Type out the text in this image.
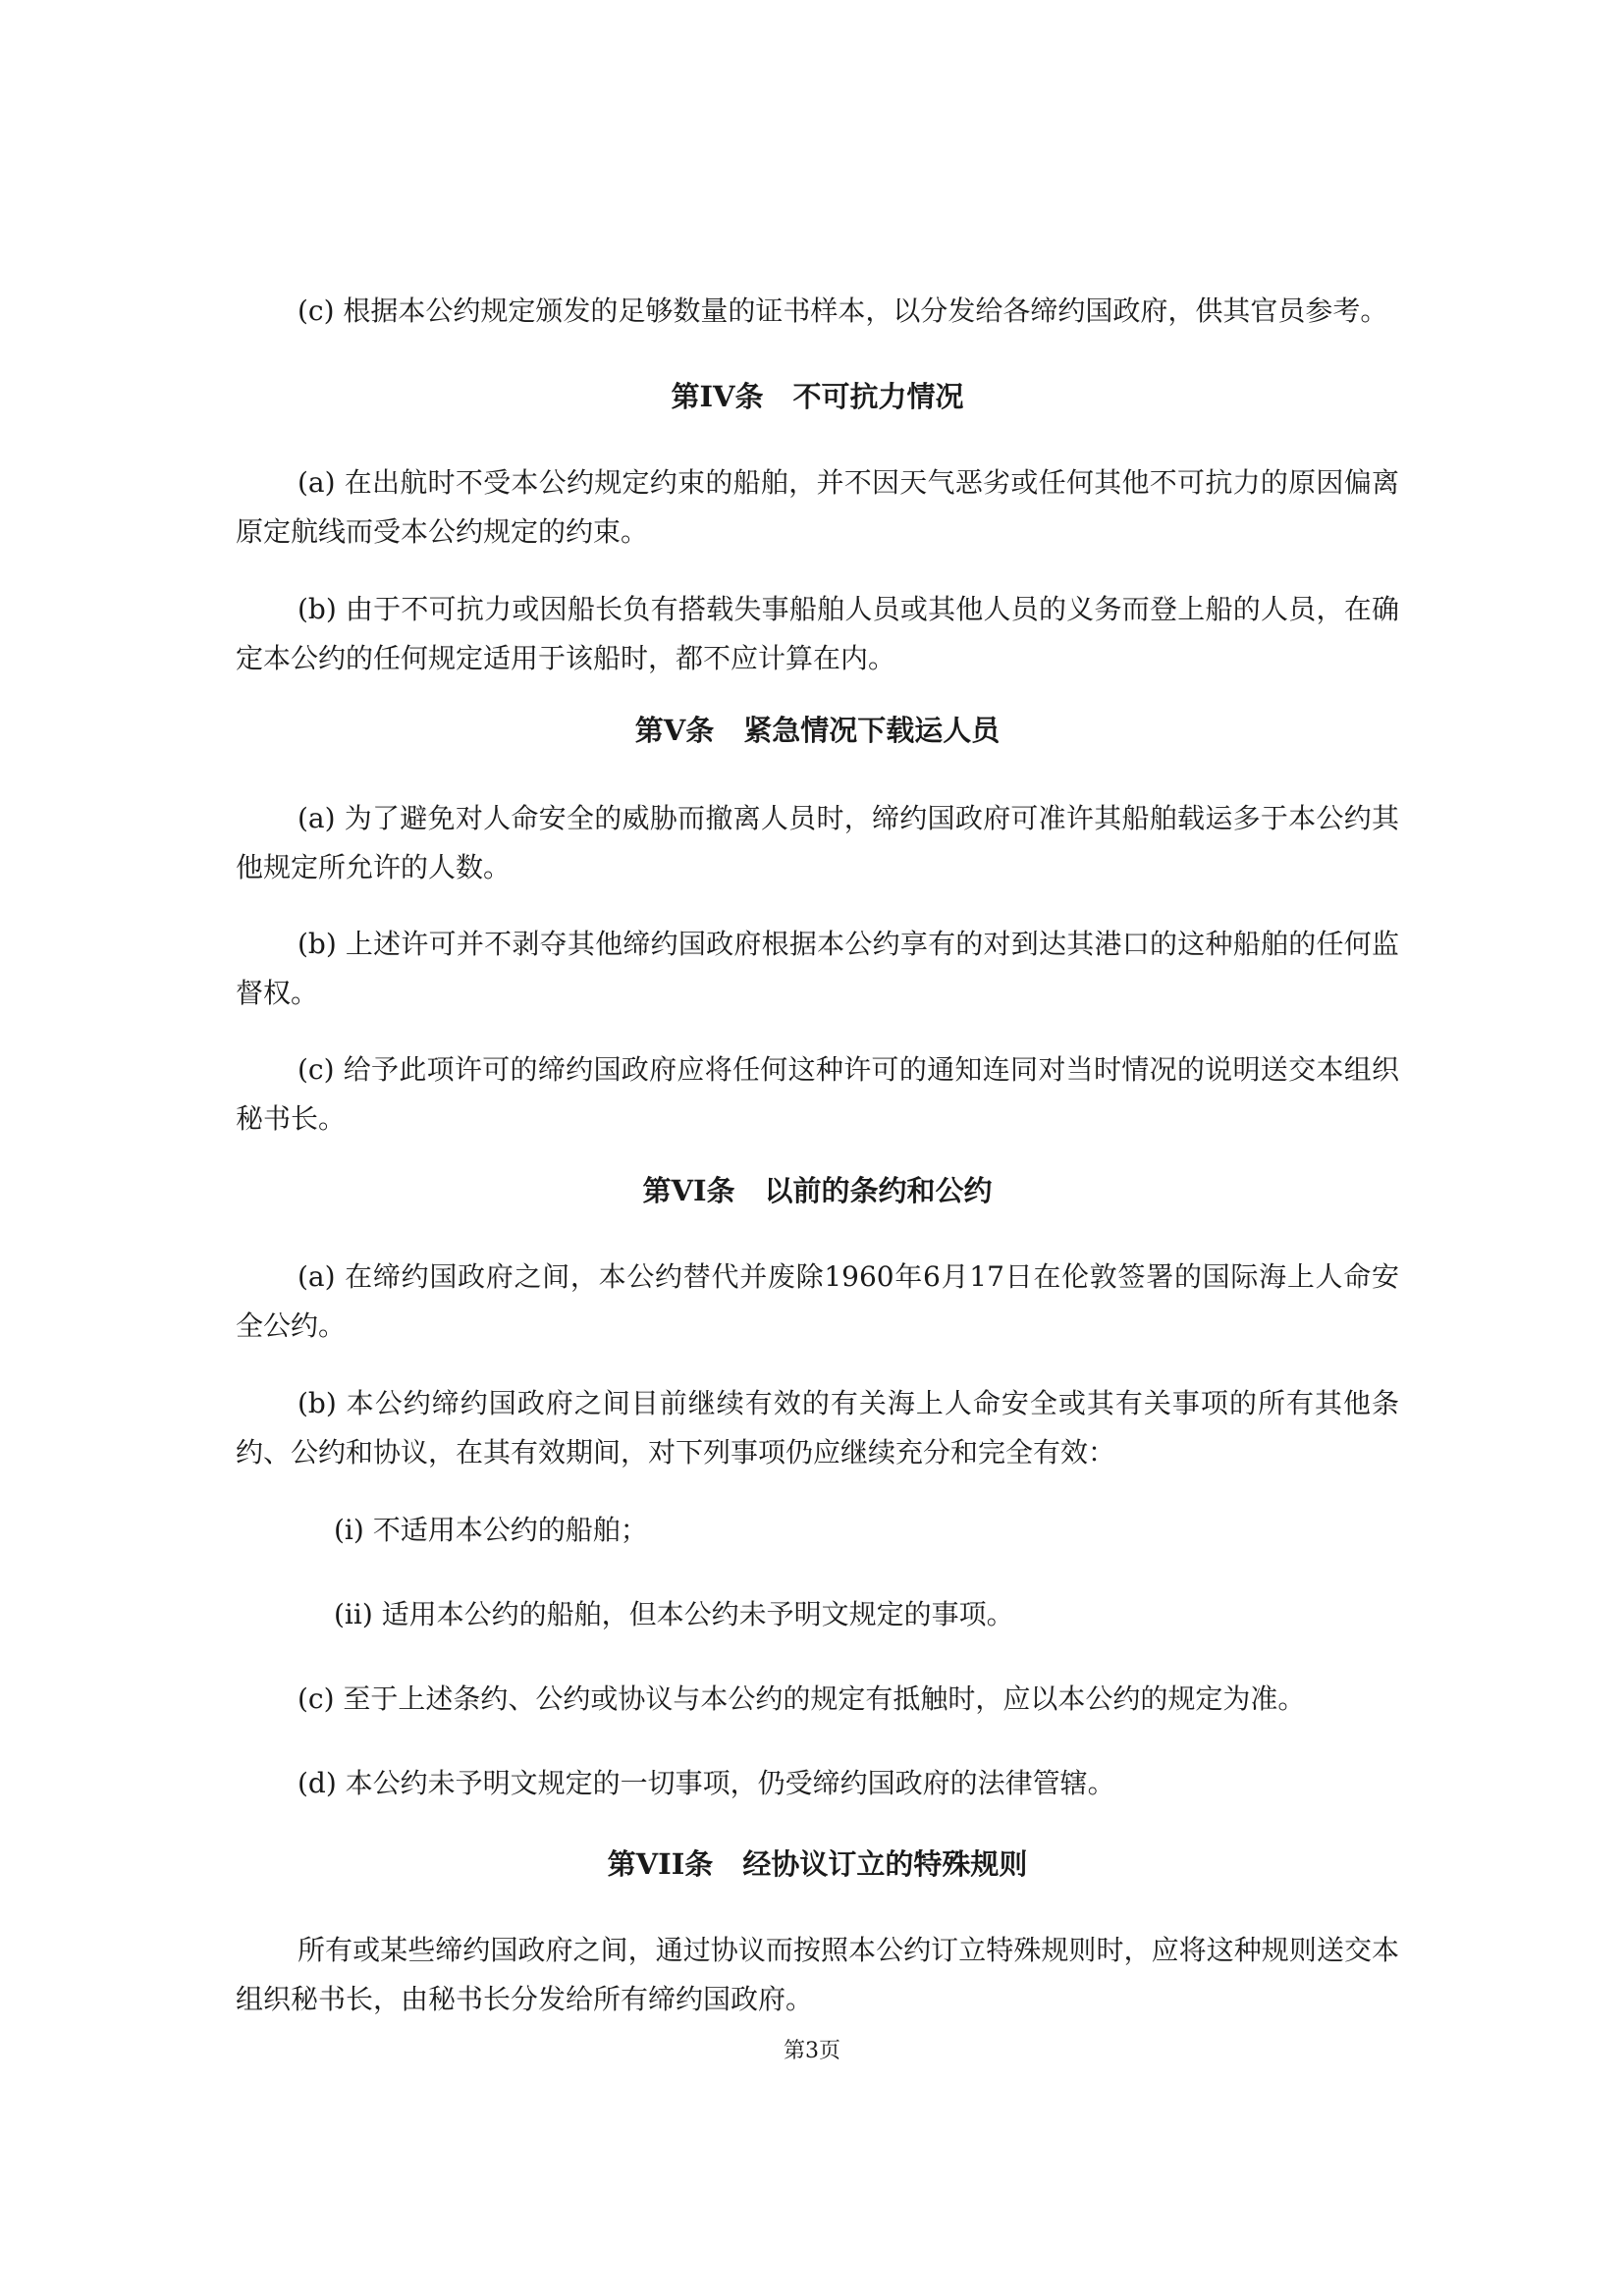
(c) 根据本公约规定颁发的足够数量的证书样本，以分发给各缔约国政府，供其官员参考。

第IV条 不可抗力情况

(a) 在出航时不受本公约规定约束的船舶，并不因天气恶劣或任何其他不可抗力的原因偏离原定航线而受本公约规定的约束。

(b) 由于不可抗力或因船长负有搭载失事船舶人员或其他人员的义务而登上船的人员，在确定本公约的任何规定适用于该船时，都不应计算在内。

第V条 紧急情况下载运人员

(a) 为了避免对人命安全的威胁而撤离人员时，缔约国政府可准许其船舶载运多于本公约其他规定所允许的人数。

(b) 上述许可并不剥夺其他缔约国政府根据本公约享有的对到达其港口的这种船舶的任何监督权。

(c) 给予此项许可的缔约国政府应将任何这种许可的通知连同对当时情况的说明送交本组织秘书长。

第VI条 以前的条约和公约

(a) 在缔约国政府之间，本公约替代并废除1960年6月17日在伦敦签署的国际海上人命安全公约。

(b) 本公约缔约国政府之间目前继续有效的有关海上人命安全或其有关事项的所有其他条约、公约和协议，在其有效期间，对下列事项仍应继续充分和完全有效：

(i) 不适用本公约的船舶；

(ii) 适用本公约的船舶，但本公约未予明文规定的事项。

(c) 至于上述条约、公约或协议与本公约的规定有抵触时，应以本公约的规定为准。

(d) 本公约未予明文规定的一切事项，仍受缔约国政府的法律管辖。

第VII条 经协议订立的特殊规则

所有或某些缔约国政府之间，通过协议而按照本公约订立特殊规则时，应将这种规则送交本组织秘书长，由秘书长分发给所有缔约国政府。

第3页
